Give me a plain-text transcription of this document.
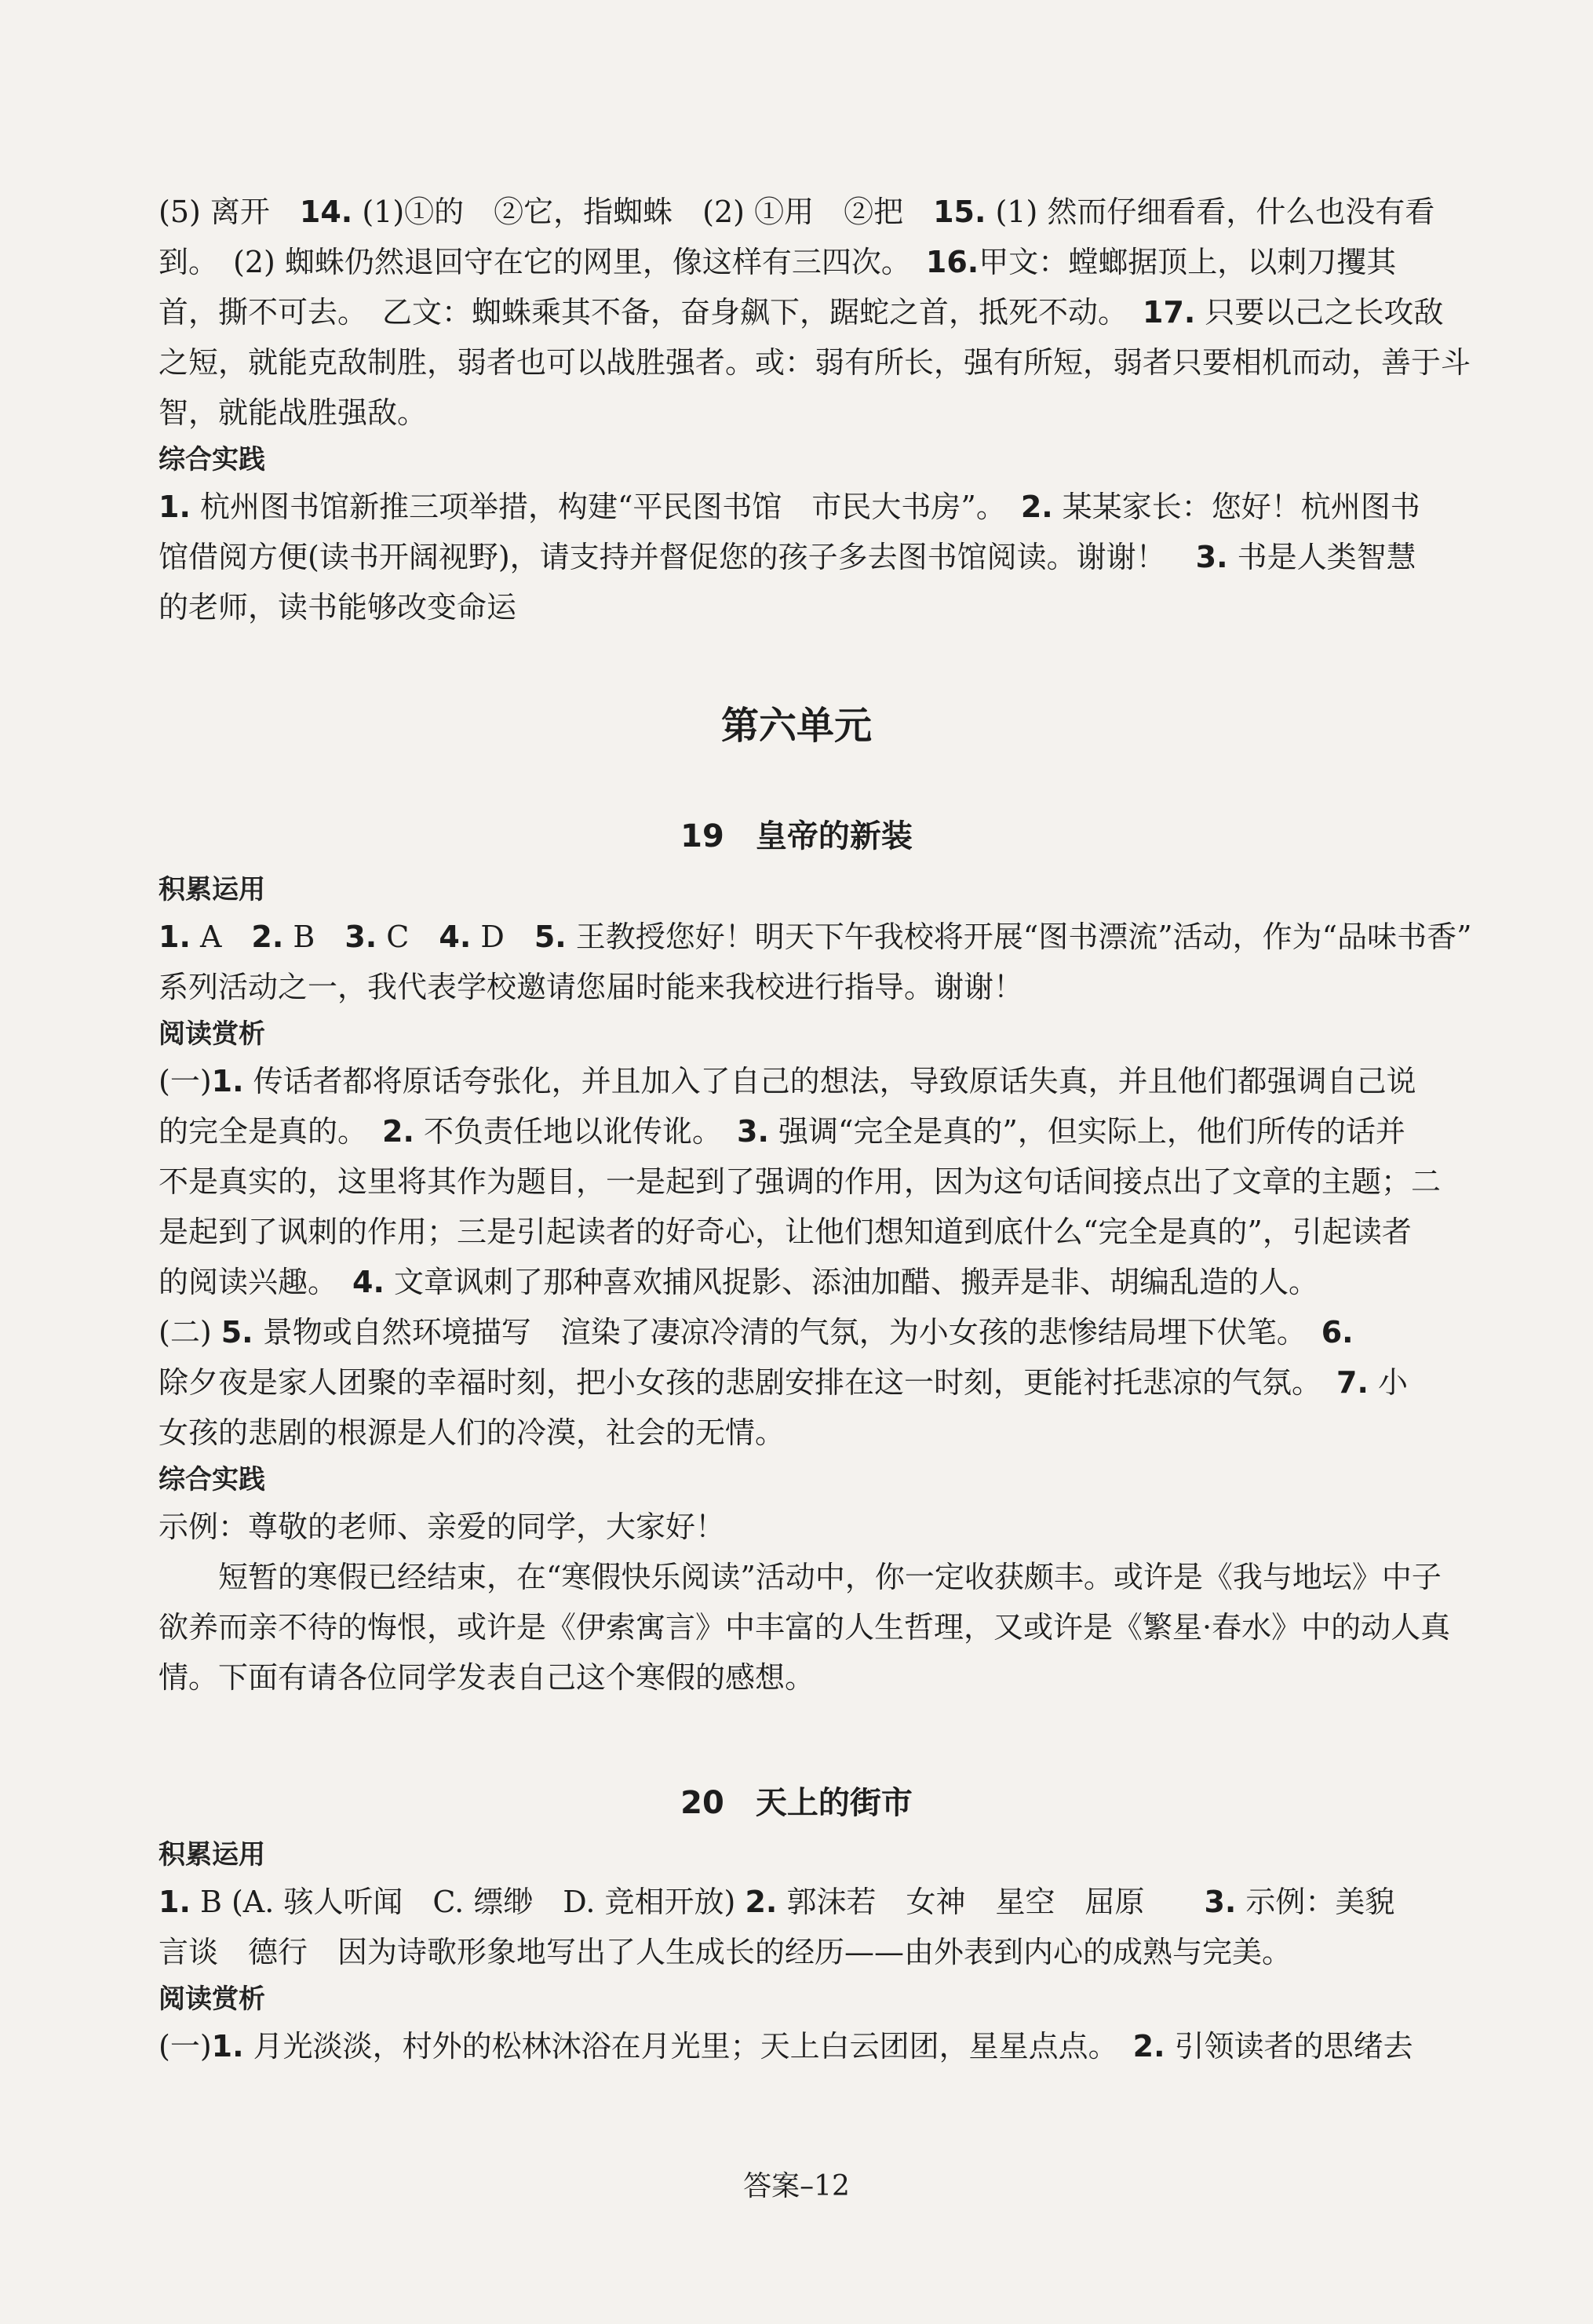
(5) 离开　14. (1)①的　②它，指蜘蛛　(2) ①用　②把　15. (1) 然而仔细看看，什么也没有看
到。　(2) 蜘蛛仍然退回守在它的网里，像这样有三四次。　16.甲文：螳螂据顶上，以刺刀攫其
首，撕不可去。　乙文：蜘蛛乘其不备，奋身飙下，踞蛇之首，抵死不动。　17. 只要以己之长攻敌
之短，就能克敌制胜，弱者也可以战胜强者。或：弱有所长，强有所短，弱者只要相机而动，善于斗
智，就能战胜强敌。
综合实践
1. 杭州图书馆新推三项举措，构建“平民图书馆　市民大书房”。　2. 某某家长：您好！杭州图书
馆借阅方便(读书开阔视野)，请支持并督促您的孩子多去图书馆阅读。谢谢！　3. 书是人类智慧
的老师，读书能够改变命运
第六单元
19　皇帝的新装
积累运用
1. A　2. B　3. C　4. D　5. 王教授您好！明天下午我校将开展“图书漂流”活动，作为“品味书香”
系列活动之一，我代表学校邀请您届时能来我校进行指导。谢谢！
阅读赏析
(一)1. 传话者都将原话夸张化，并且加入了自己的想法，导致原话失真，并且他们都强调自己说
的完全是真的。　2. 不负责任地以讹传讹。　3. 强调“完全是真的”，但实际上，他们所传的话并
不是真实的，这里将其作为题目，一是起到了强调的作用，因为这句话间接点出了文章的主题；二
是起到了讽刺的作用；三是引起读者的好奇心，让他们想知道到底什么“完全是真的”，引起读者
的阅读兴趣。　4. 文章讽刺了那种喜欢捕风捉影、添油加醋、搬弄是非、胡编乱造的人。
(二) 5. 景物或自然环境描写　渲染了凄凉冷清的气氛，为小女孩的悲惨结局埋下伏笔。　6.
除夕夜是家人团聚的幸福时刻，把小女孩的悲剧安排在这一时刻，更能衬托悲凉的气氛。　7. 小
女孩的悲剧的根源是人们的冷漠，社会的无情。
综合实践
示例：尊敬的老师、亲爱的同学，大家好！
短暂的寒假已经结束，在“寒假快乐阅读”活动中，你一定收获颇丰。或许是《我与地坛》中子
欲养而亲不待的悔恨，或许是《伊索寓言》中丰富的人生哲理，又或许是《繁星·春水》中的动人真
情。下面有请各位同学发表自己这个寒假的感想。
20　天上的街市
积累运用
1. B (A. 骇人听闻　C. 缥缈　D. 竞相开放) 2. 郭沫若　女神　星空　屈原　　3. 示例：美貌
言谈　德行　因为诗歌形象地写出了人生成长的经历——由外表到内心的成熟与完美。
阅读赏析
(一)1. 月光淡淡，村外的松林沐浴在月光里；天上白云团团，星星点点。　2. 引领读者的思绪去
答案–12
